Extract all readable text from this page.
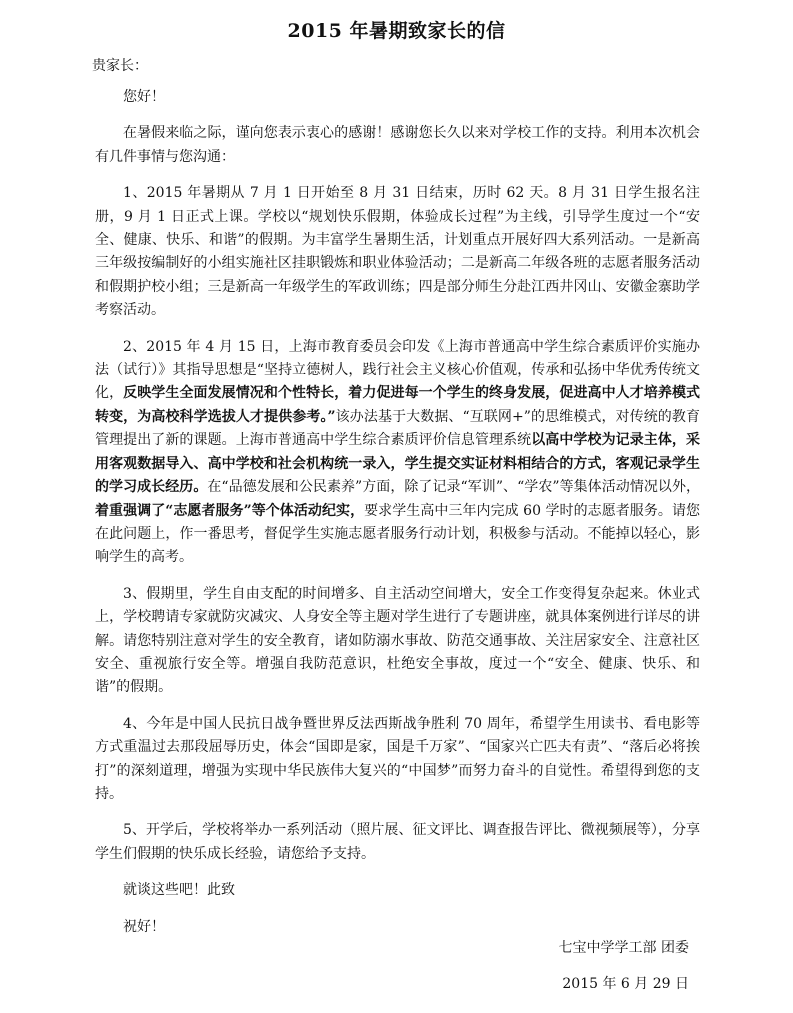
2015 年暑期致家长的信
贵家长：

您好！

在暑假来临之际，谨向您表示衷心的感谢！感谢您长久以来对学校工作的支持。利用本次机会有几件事情与您沟通：

1、2015 年暑期从 7 月 1 日开始至 8 月 31 日结束，历时 62 天。8 月 31 日学生报名注册，9 月 1 日正式上课。学校以“规划快乐假期，体验成长过程”为主线，引导学生度过一个“安全、健康、快乐、和谐”的假期。为丰富学生暑期生活，计划重点开展好四大系列活动。一是新高三年级按编制好的小组实施社区挂职锻炼和职业体验活动；二是新高二年级各班的志愿者服务活动和假期护校小组；三是新高一年级学生的军政训练；四是部分师生分赴江西井冈山、安徽金寨助学考察活动。

2、2015 年 4 月 15 日，上海市教育委员会印发《上海市普通高中学生综合素质评价实施办法（试行）》其指导思想是“坚持立德树人，践行社会主义核心价值观，传承和弘扬中华优秀传统文化，反映学生全面发展情况和个性特长，着力促进每一个学生的终身发展，促进高中人才培养模式转变，为高校科学选拔人才提供参考。”该办法基于大数据、“互联网+”的思维模式，对传统的教育管理提出了新的课题。上海市普通高中学生综合素质评价信息管理系统以高中学校为记录主体，采用客观数据导入、高中学校和社会机构统一录入，学生提交实证材料相结合的方式，客观记录学生的学习成长经历。在“品德发展和公民素养”方面，除了记录“军训”、“学农”等集体活动情况以外，着重强调了“志愿者服务”等个体活动纪实，要求学生高中三年内完成 60 学时的志愿者服务。请您在此问题上，作一番思考，督促学生实施志愿者服务行动计划，积极参与活动。不能掉以轻心，影响学生的高考。

3、假期里，学生自由支配的时间增多、自主活动空间增大，安全工作变得复杂起来。休业式上，学校聘请专家就防灾减灾、人身安全等主题对学生进行了专题讲座，就具体案例进行详尽的讲解。请您特别注意对学生的安全教育，诸如防溺水事故、防范交通事故、关注居家安全、注意社区安全、重视旅行安全等。增强自我防范意识，杜绝安全事故，度过一个“安全、健康、快乐、和谐”的假期。

4、今年是中国人民抗日战争暨世界反法西斯战争胜利 70 周年，希望学生用读书、看电影等方式重温过去那段屈辱历史，体会“国即是家，国是千万家”、“国家兴亡匹夫有责”、“落后必将挨打”的深刻道理，增强为实现中华民族伟大复兴的“中国梦”而努力奋斗的自觉性。希望得到您的支持。

5、开学后，学校将举办一系列活动（照片展、征文评比、调查报告评比、微视频展等），分享学生们假期的快乐成长经验，请您给予支持。

就谈这些吧！此致

祝好！

七宝中学学工部 团委
2015 年 6 月 29 日
